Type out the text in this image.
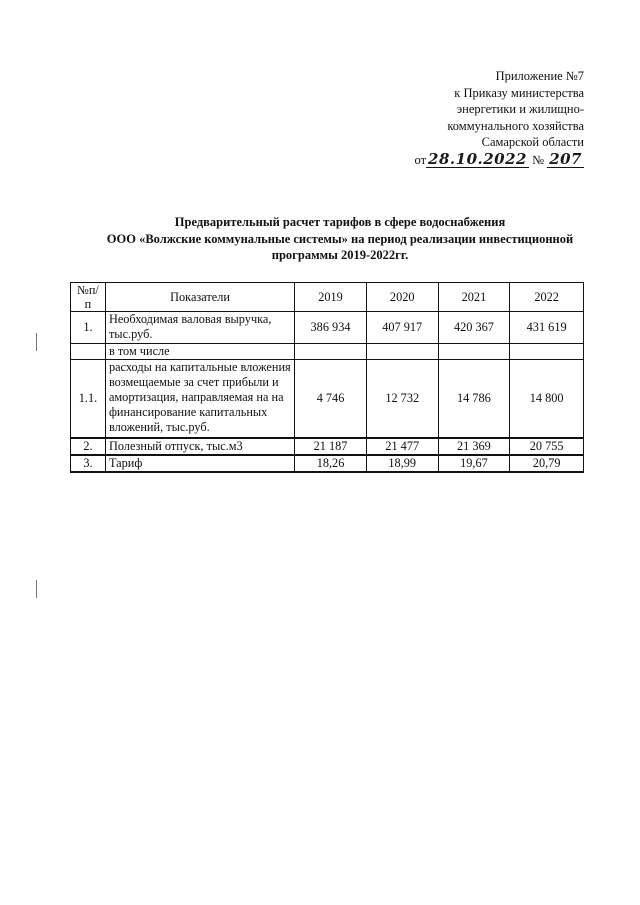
Приложение №7
к Приказу министерства
энергетики и жилищно-
коммунального хозяйства
Самарской области
от 28.10.2022 № 207
Предварительный расчет тарифов в сфере водоснабжения
ООО «Волжские коммунальные системы» на период реализации инвестиционной
программы 2019-2022гг.
№п/п	Показатели	2019	2020	2021	2022
1.	Необходимая валовая выручка, тыс.руб.	386 934	407 917	420 367	431 619
	в том числе				
1.1.	расходы на капитальные вложения возмещаемые за счет прибыли и амортизация, направляемая на на финансирование капитальных вложений, тыс.руб.	4 746	12 732	14 786	14 800
2.	Полезный отпуск, тыс.м3	21 187	21 477	21 369	20 755
3.	Тариф	18,26	18,99	19,67	20,79
